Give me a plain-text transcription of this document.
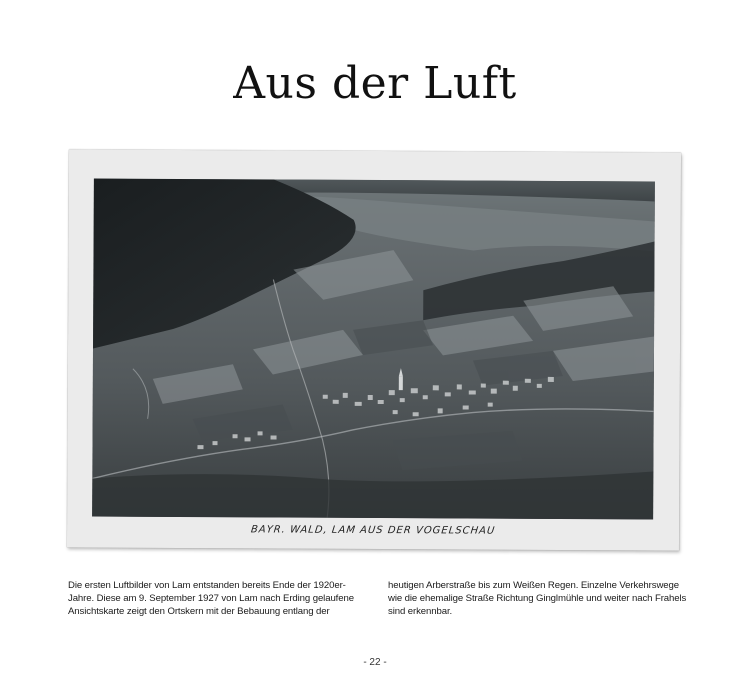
Aus der Luft
BAYR. WALD, LAM AUS DER VOGELSCHAU
Die ersten Luftbilder von Lam entstanden bereits Ende der 1920er-
Jahre. Diese am 9. September 1927 von Lam nach Erding gelaufene
Ansichtskarte zeigt den Ortskern mit der Bebauung entlang der
heutigen Arberstraße bis zum Weißen Regen. Einzelne Verkehrswege
wie die ehemalige Straße Richtung Ginglmühle und weiter nach Frahels
sind erkennbar.
- 22 -
